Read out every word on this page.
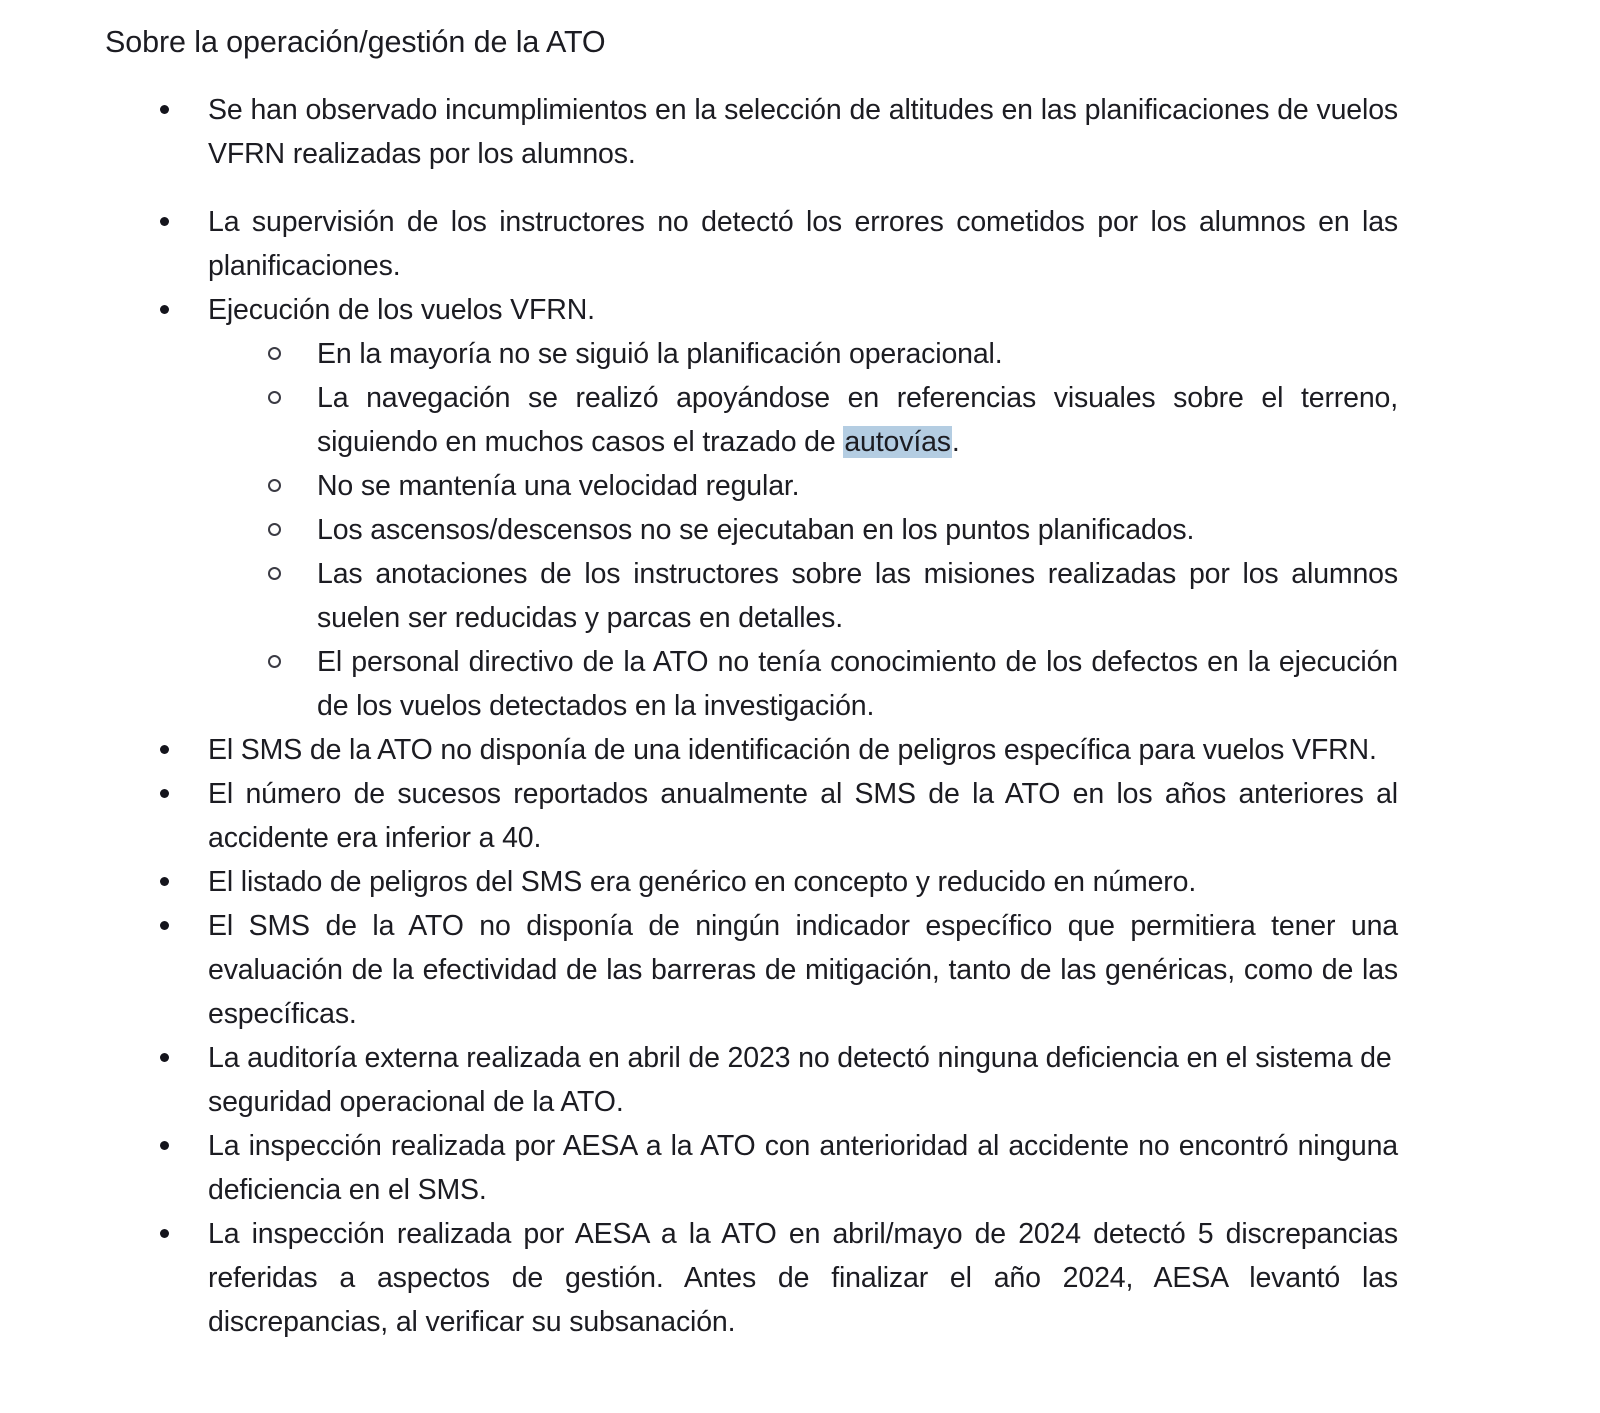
Sobre la operación/gestión de la ATO
Se han observado incumplimientos en la selección de altitudes en las planificaciones de vuelos VFRN realizadas por los alumnos.
La supervisión de los instructores no detectó los errores cometidos por los alumnos en las planificaciones.
Ejecución de los vuelos VFRN.
En la mayoría no se siguió la planificación operacional.
La navegación se realizó apoyándose en referencias visuales sobre el terreno, siguiendo en muchos casos el trazado de autovías.
No se mantenía una velocidad regular.
Los ascensos/descensos no se ejecutaban en los puntos planificados.
Las anotaciones de los instructores sobre las misiones realizadas por los alumnos suelen ser reducidas y parcas en detalles.
El personal directivo de la ATO no tenía conocimiento de los defectos en la ejecución de los vuelos detectados en la investigación.
El SMS de la ATO no disponía de una identificación de peligros específica para vuelos VFRN.
El número de sucesos reportados anualmente al SMS de la ATO en los años anteriores al accidente era inferior a 40.
El listado de peligros del SMS era genérico en concepto y reducido en número.
El SMS de la ATO no disponía de ningún indicador específico que permitiera tener una evaluación de la efectividad de las barreras de mitigación, tanto de las genéricas, como de las específicas.
La auditoría externa realizada en abril de 2023 no detectó ninguna deficiencia en el sistema de seguridad operacional de la ATO.
La inspección realizada por AESA a la ATO con anterioridad al accidente no encontró ninguna deficiencia en el SMS.
La inspección realizada por AESA a la ATO en abril/mayo de 2024 detectó 5 discrepancias referidas a aspectos de gestión. Antes de finalizar el año 2024, AESA levantó las discrepancias, al verificar su subsanación.
